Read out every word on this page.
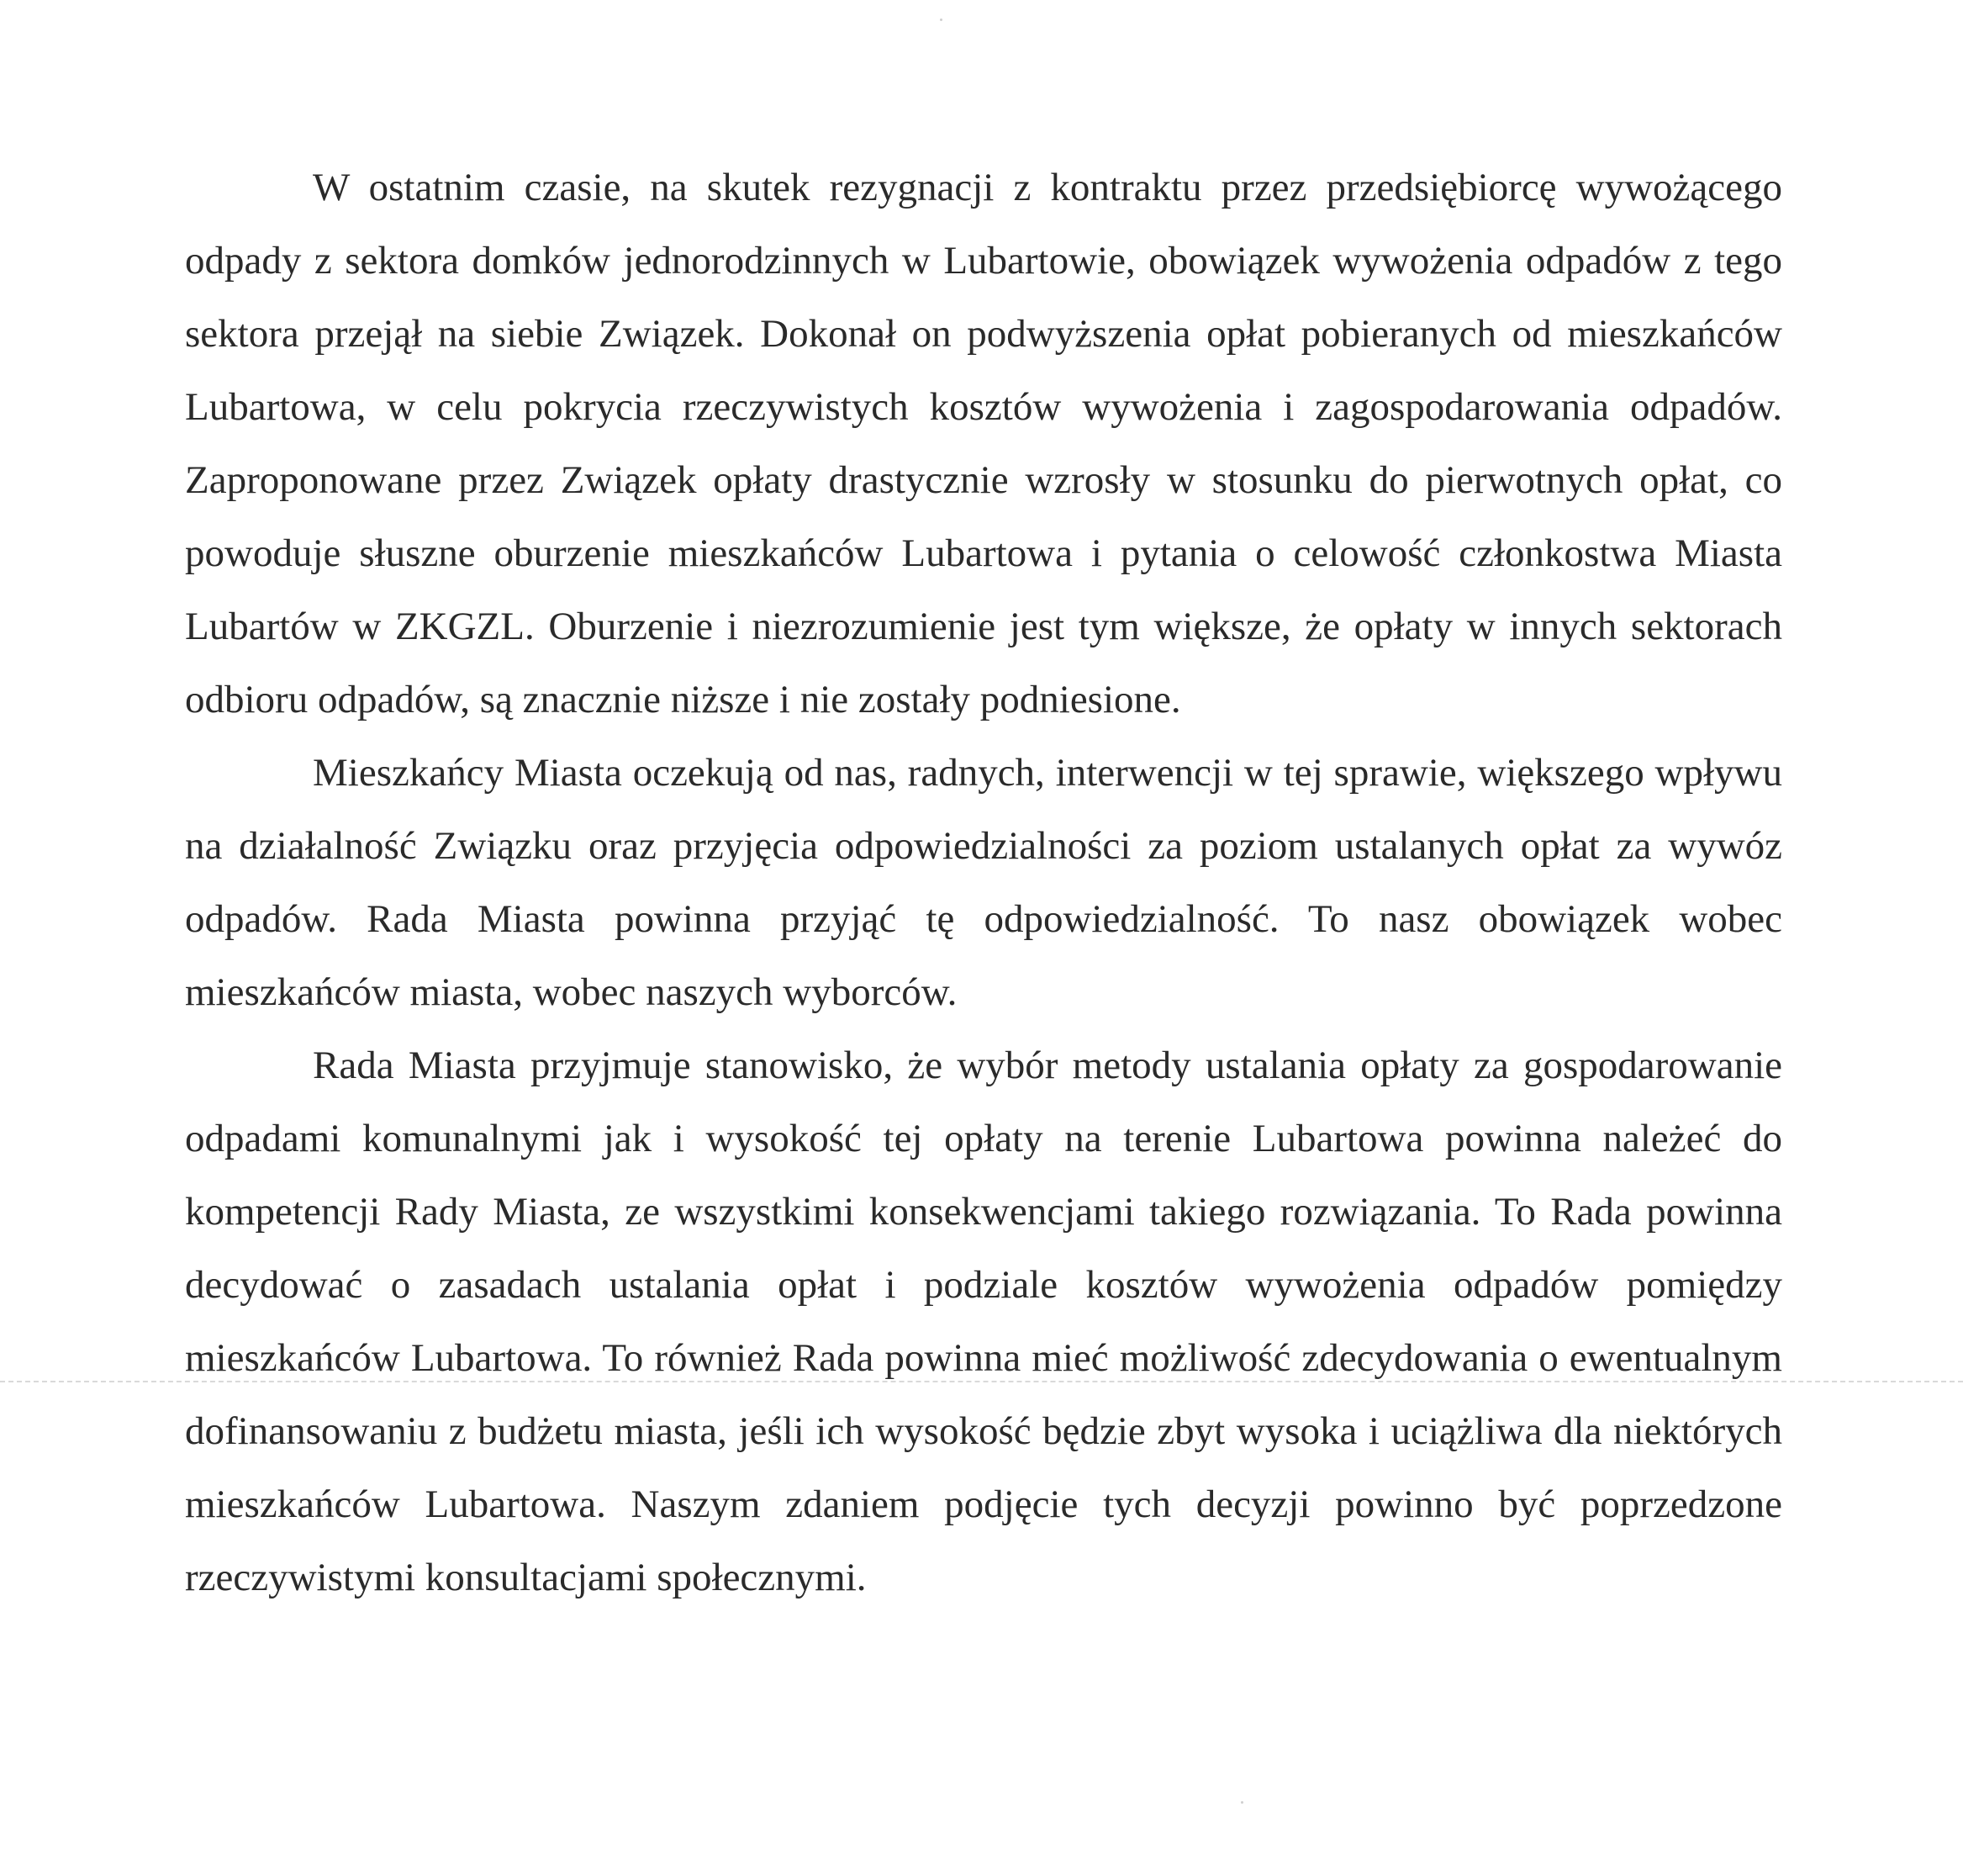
W ostatnim czasie, na skutek rezygnacji z kontraktu przez przedsiębiorcę wywożącego odpady z sektora domków jednorodzinnych w Lubartowie, obowiązek wywożenia odpadów z tego sektora przejął na siebie Związek. Dokonał on podwyższenia opłat pobieranych od mieszkańców Lubartowa, w celu pokrycia rzeczywistych kosztów wywożenia i zagospodarowania odpadów. Zaproponowane przez Związek opłaty drastycznie wzrosły w stosunku do pierwotnych opłat, co powoduje słuszne oburzenie mieszkańców Lubartowa i pytania o celowość członkostwa Miasta Lubartów w ZKGZL. Oburzenie i niezrozumienie jest tym większe, że opłaty w innych sektorach odbioru odpadów, są znacznie niższe i nie zostały podniesione.

Mieszkańcy Miasta oczekują od nas, radnych, interwencji w tej sprawie, większego wpływu na działalność Związku oraz przyjęcia odpowiedzialności za poziom ustalanych opłat za wywóz odpadów. Rada Miasta powinna przyjąć tę odpowiedzialność. To nasz obowiązek wobec mieszkańców miasta, wobec naszych wyborców.

Rada Miasta przyjmuje stanowisko, że wybór metody ustalania opłaty za gospodarowanie odpadami komunalnymi jak i wysokość tej opłaty na terenie Lubartowa powinna należeć do kompetencji Rady Miasta, ze wszystkimi konsekwencjami takiego rozwiązania. To Rada powinna decydować o zasadach ustalania opłat i podziale kosztów wywożenia odpadów pomiędzy mieszkańców Lubartowa. To również Rada powinna mieć możliwość zdecydowania o ewentualnym dofinansowaniu z budżetu miasta, jeśli ich wysokość będzie zbyt wysoka i uciążliwa dla niektórych mieszkańców Lubartowa. Naszym zdaniem podjęcie tych decyzji powinno być poprzedzone rzeczywistymi konsultacjami społecznymi.
